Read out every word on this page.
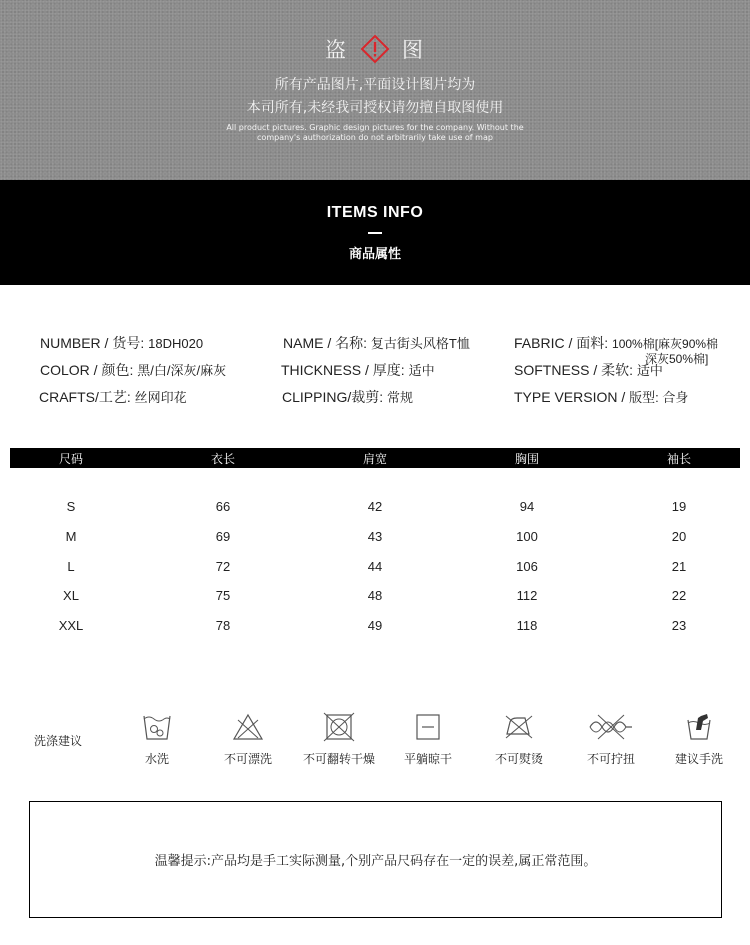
盗	图
所有产品图片,平面设计图片均为
本司所有,未经我司授权请勿擅自取图使用
All product pictures. Graphic design pictures for the company. Without the
company's authorization do not arbitrarily take use of map
ITEMS INFO
商品属性
NUMBER / 货号: 18DH020	NAME / 名称: 复古街头风格T恤	FABRIC / 面料: 100%棉[麻灰90%棉
深灰50%棉]
COLOR / 颜色: 黑/白/深灰/麻灰	THICKNESS / 厚度: 适中	SOFTNESS / 柔软: 适中
CRAFTS/工艺: 丝网印花	CLIPPING/裁剪: 常规	TYPE VERSION / 版型: 合身
尺码	衣长	肩宽	胸围	袖长
S	66	42	94	19
M	69	43	100	20
L	72	44	106	21
XL	75	48	112	22
XXL	78	49	118	23
洗涤建议
水洗	不可漂洗	不可翻转干燥	平躺晾干	不可熨烫	不可拧扭	建议手洗
温馨提示:产品均是手工实际测量,个别产品尺码存在一定的误差,属正常范围。
